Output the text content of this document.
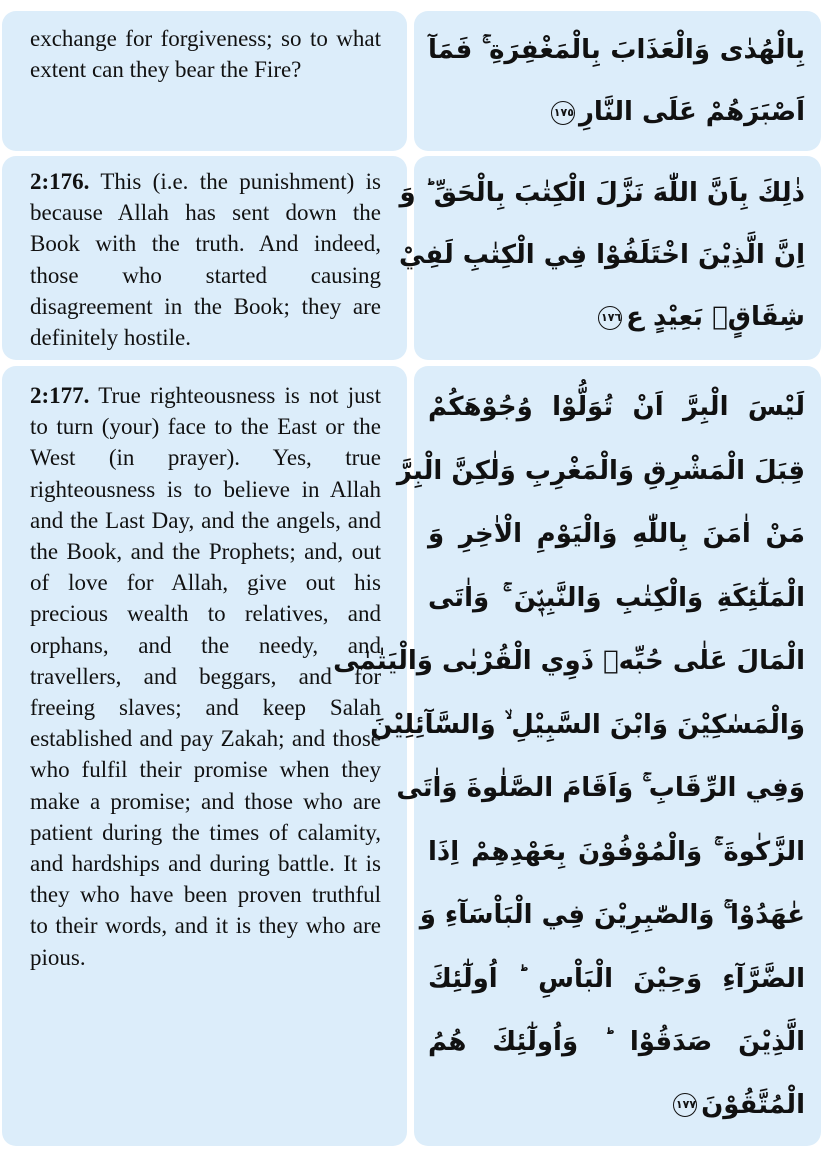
exchange for forgiveness; so to what extent can they bear the Fire?

بِالْهُدٰى وَالْعَذَابَ بِالْمَغْفِرَةِ ۚ فَمَآ
اَصْبَرَهُمْ عَلَى النَّارِ١٧٥

2:176. This (i.e. the punishment) is because Allah has sent down the Book with the truth. And indeed, those who started causing disagreement in the Book; they are definitely hostile.

ذٰلِكَ بِاَنَّ اللّٰهَ نَزَّلَ الْكِتٰبَ بِالْحَقِّ ؕ وَ
اِنَّ الَّذِيْنَ اخْتَلَفُوْا فِي الْكِتٰبِ لَفِيْ
شِقَاقٍۢ بَعِيْدٍ ع١٧٦

2:177. True righteousness is not just to turn (your) face to the East or the West (in prayer). Yes, true righteousness is to believe in Allah and the Last Day, and the angels, and the Book, and the Prophets; and, out of love for Allah, give out his precious wealth to relatives, and orphans, and the needy, and travellers, and beggars, and for freeing slaves; and keep Salah established and pay Zakah; and those who fulfil their promise when they make a promise; and those who are patient during the times of calamity, and hardships and during battle. It is they who have been proven truthful to their words, and it is they who are pious.

لَيْسَ الْبِرَّ اَنْ تُوَلُّوْا وُجُوْهَكُمْ
قِبَلَ الْمَشْرِقِ وَالْمَغْرِبِ وَلٰكِنَّ الْبِرَّ
مَنْ اٰمَنَ بِاللّٰهِ وَالْيَوْمِ الْاٰخِرِ وَ
الْمَلٰٓئِكَةِ وَالْكِتٰبِ وَالنَّبِيّٖنَ ۚ وَاٰتَى
الْمَالَ عَلٰى حُبِّهٖ ذَوِي الْقُرْبٰى وَالْيَتٰمٰى
وَالْمَسٰكِيْنَ وَابْنَ السَّبِيْلِ ۙ وَالسَّآئِلِيْنَ
وَفِي الرِّقَابِ ۚ وَاَقَامَ الصَّلٰوةَ وَاٰتَى
الزَّكٰوةَ ۚ وَالْمُوْفُوْنَ بِعَهْدِهِمْ اِذَا
عٰهَدُوْا ۚ وَالصّٰبِرِيْنَ فِي الْبَاْسَآءِ وَ
الضَّرَّآءِ وَحِيْنَ الْبَاْسِ ؕ اُولٰٓئِكَ
الَّذِيْنَ صَدَقُوْا ؕ وَاُولٰٓئِكَ هُمُ
الْمُتَّقُوْنَ١٧٧
